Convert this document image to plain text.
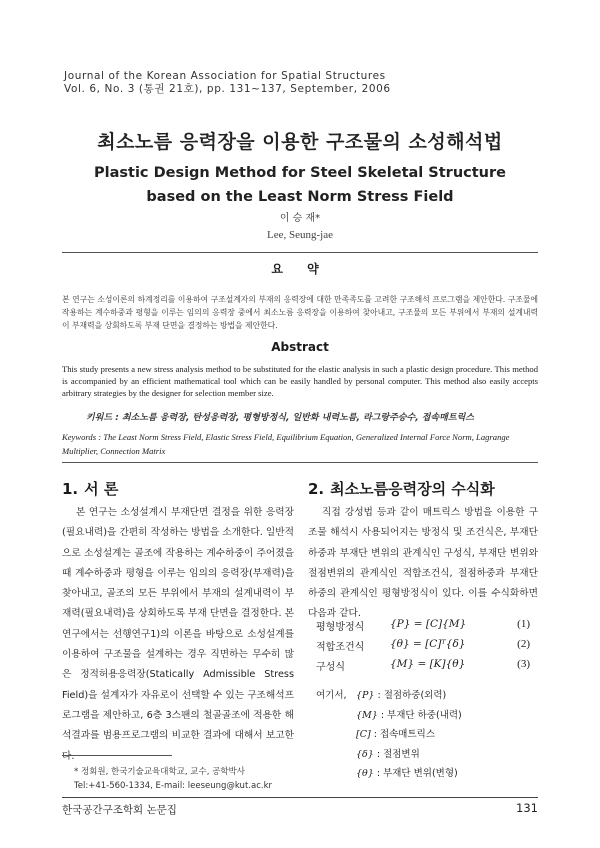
Journal of the Korean Association for Spatial Structures
Vol. 6, No. 3 (통권 21호), pp. 131~137, September, 2006
최소노름 응력장을 이용한 구조물의 소성해석법
Plastic Design Method for Steel Skeletal Structure
based on the Least Norm Stress Field
이 승 재*
Lee, Seung-jae
요 약
본 연구는 소성이론의 하계정리를 이용하여 구조설계자의 부재의 응력장에 대한 만족족도를 고려한 구조해석 프로그램을 제안한다. 구조물에 작용하는 계수하중과 평형을 이루는 임의의 응력장 중에서 최소노름 응력장을 이용하여 찾아내고, 구조물의 모든 부위에서 부재의 설계내력이 부재력을 상회하도록 부재 단면을 결정하는 방법을 제안한다.
Abstract
This study presents a new stress analysis method to be substituted for the elastic analysis in such a plastic design procedure. This method is accompanied by an efficient mathematical tool which can be easily handled by personal computer. This method also easily accepts arbitrary strategies by the designer for selection member size.
키워드 : 최소노름 응력장, 탄성응력장, 평형방정식, 일반화 내력노름, 라그랑주승수, 접속매트릭스
Keywords : The Least Norm Stress Field, Elastic Stress Field, Equilibrium Equation, Generalized Internal Force Norm, Lagrange Multiplier, Connection Matrix
1. 서 론

본 연구는 소성설계시 부재단면 결정을 위한 응력장(필요내력)을 간편히 작성하는 방법을 소개한다. 일반적으로 소성설계는 골조에 작용하는 계수하중이 주어졌을 때 계수하중과 평형을 이루는 임의의 응력장(부재력)을 찾아내고, 골조의 모든 부위에서 부재의 설계내력이 부재력(필요내력)을 상회하도록 부재 단면을 결정한다. 본 연구에서는 선행연구1)의 이론을 바탕으로 소성설계를 이용하여 구조물을 설계하는 경우 직면하는 무수히 많은 정적허용응력장(Statically Admissible Stress Field)을 설계자가 자유로이 선택할 수 있는 구조해석프로그램을 제안하고, 6층 3스팬의 철골골조에 적용한 해석결과를 범용프로그램의 비교한 결과에 대해서 보고한다.

2. 최소노름응력장의 수식화

직접 강성법 등과 같이 매트릭스 방법을 이용한 구조물 해석시 사용되어지는 방정식 및 조건식은, 부재단 하중과 부재단 변위의 관계식인 구성식, 부재단 변위와 절점변위의 관계식인 적합조건식, 절점하중과 부재단 하중의 관계식인 평형방정식이 있다. 이를 수식화하면 다음과 같다.

평형방정식 {P} = [C]{M}	(1)
적합조건식 {θ} = [C]ᵀ{δ}	(2)
구성식	{M} = [K]{θ}	(3)
여기서, {P} : 절점하중(외력)
{M} : 부재단 하중(내력)
[C] : 접속매트릭스
{δ} : 절점변위
{θ} : 부재단 변위(변형)
* 정회원, 한국기술교육대학교, 교수, 공학박사
Tel:+41-560-1334, E-mail: leeseung@kut.ac.kr
한국공간구조학회 논문집	131
